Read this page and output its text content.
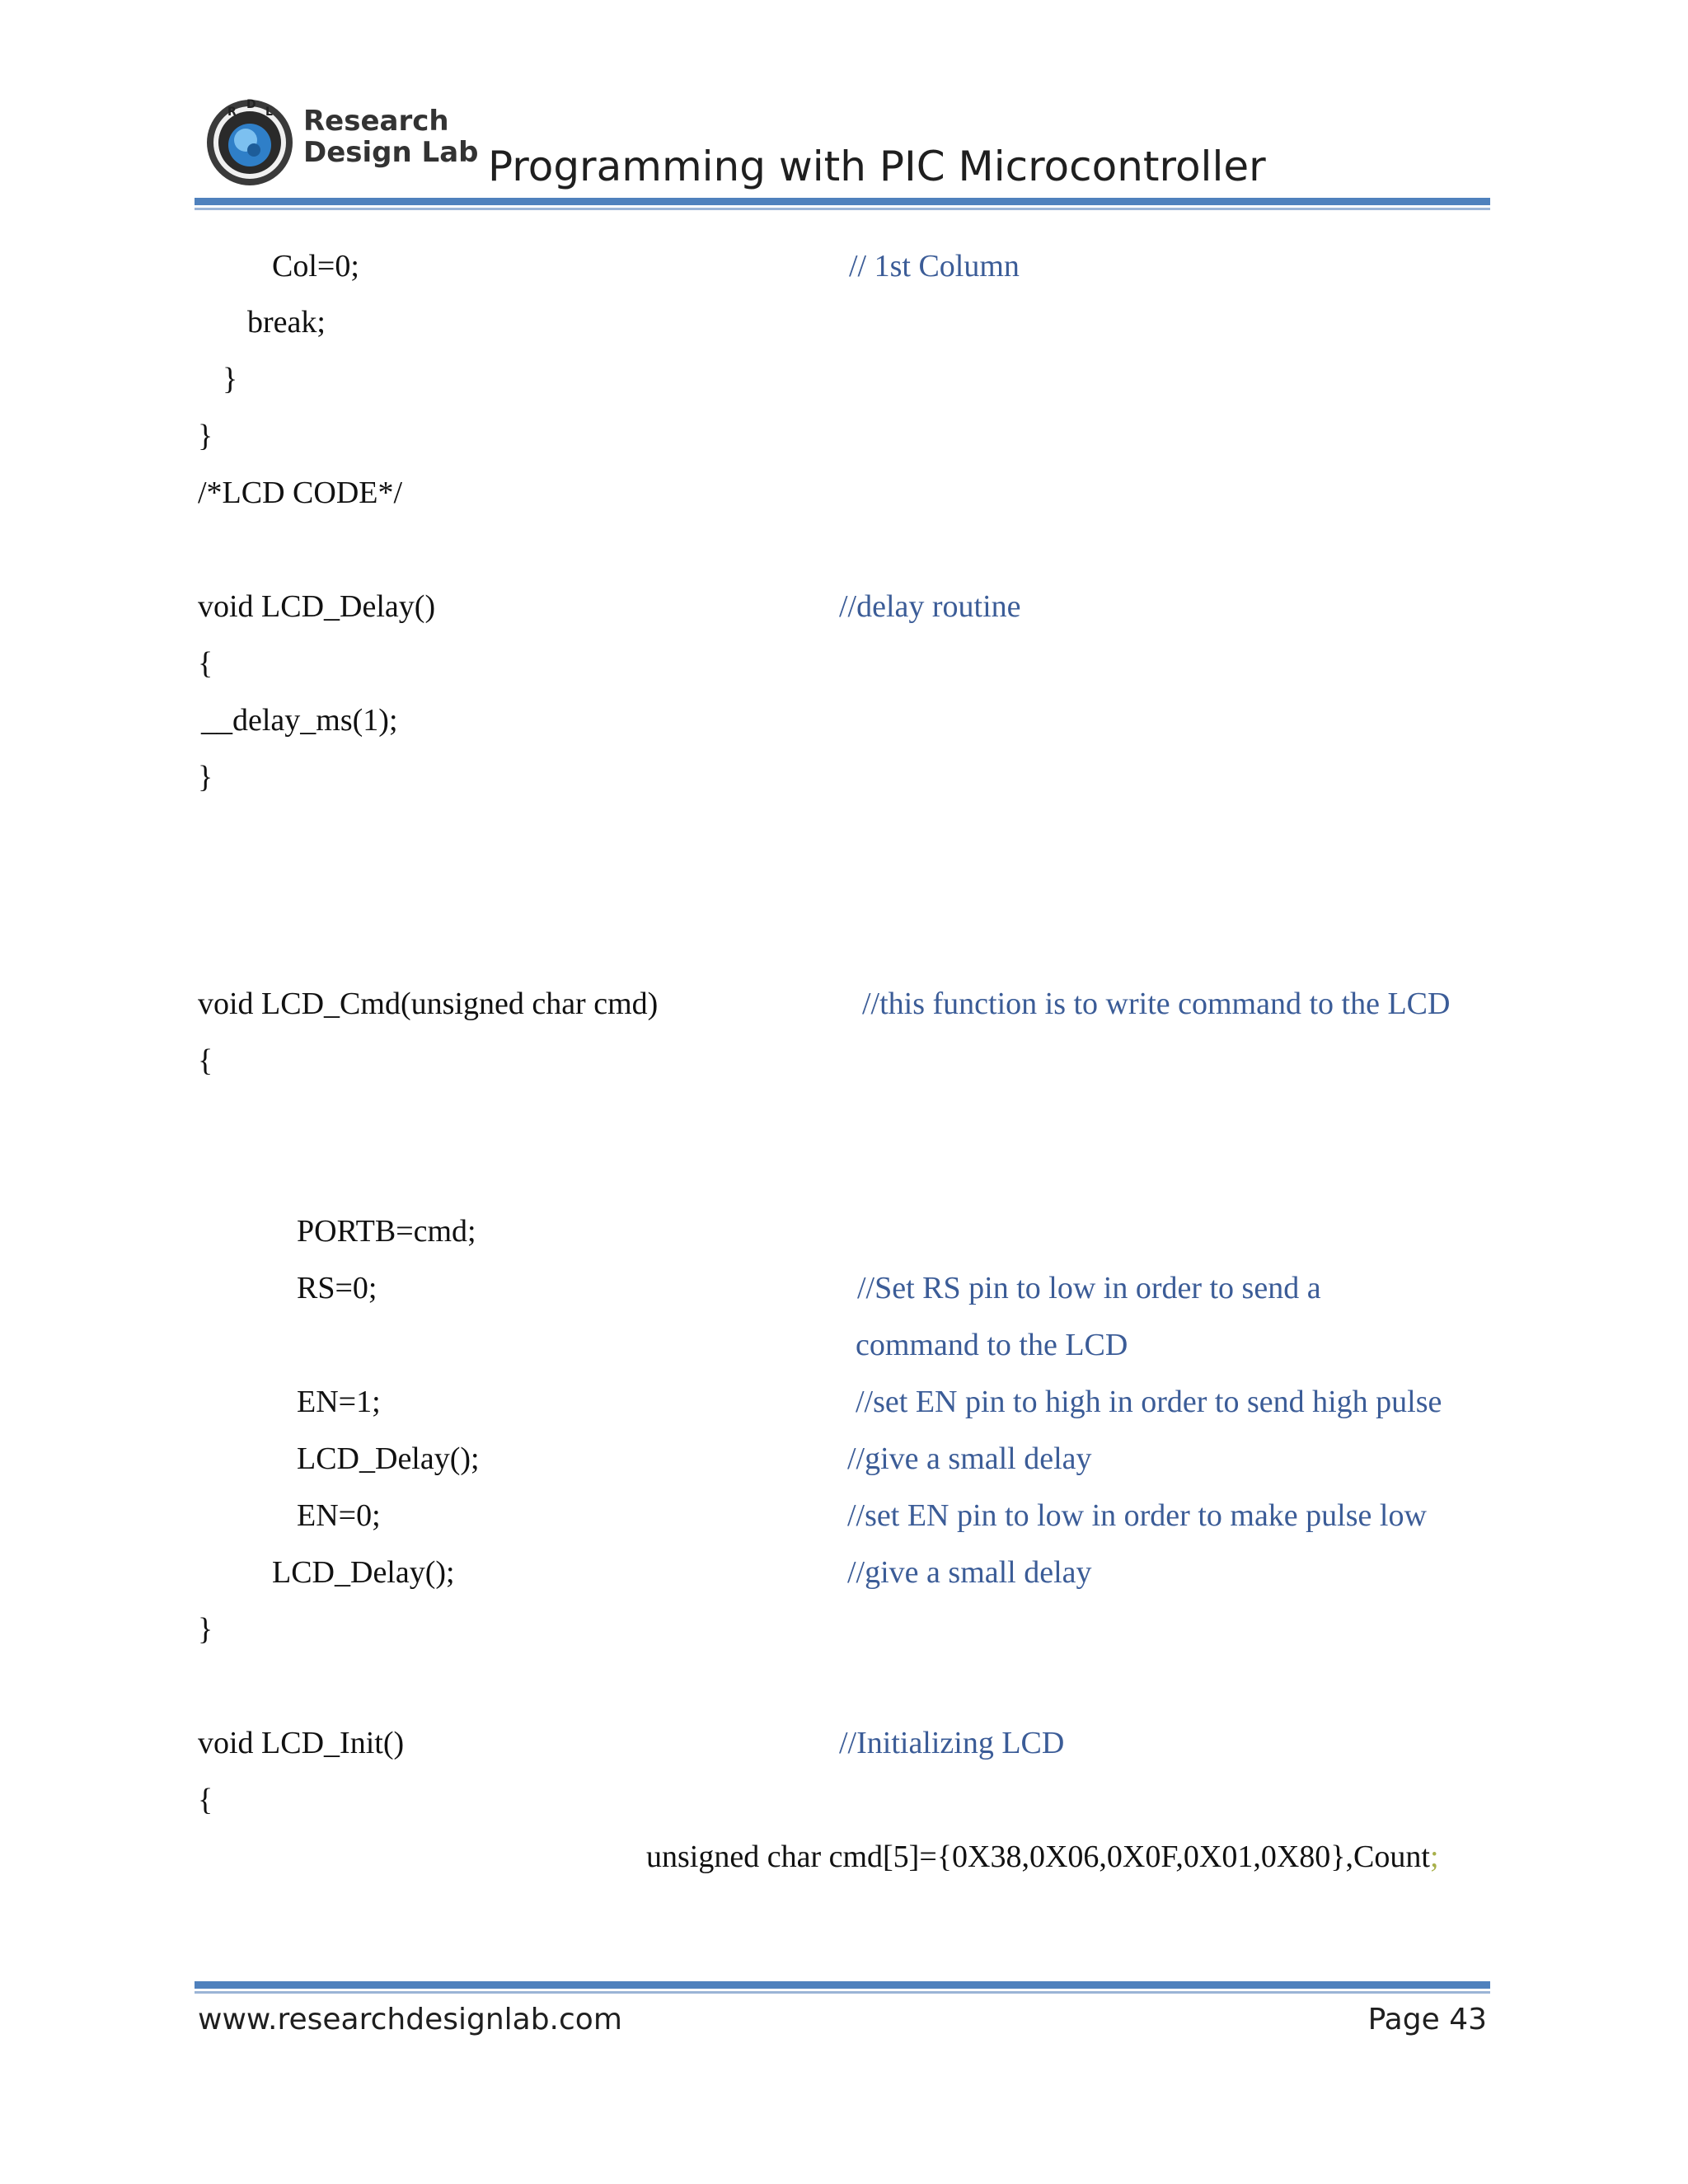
R
D
L Research
Design Lab Programming with PIC Microcontroller
Col=0;	// 1st Column
break;
}
}
/*LCD CODE*/
void LCD_Delay()	//delay routine
{
__delay_ms(1);
}
void LCD_Cmd(unsigned char cmd)	//this function is to write command to the LCD
{
PORTB=cmd;
RS=0;	//Set RS pin to low in order to send a
command to the LCD
EN=1;	//set EN pin to high in order to send high pulse
LCD_Delay();	//give a small delay
EN=0;	//set EN pin to low in order to make pulse low
LCD_Delay();	//give a small delay
}
void LCD_Init()	//Initializing LCD
{
unsigned char cmd[5]={0X38,0X06,0X0F,0X01,0X80},Count;
www.researchdesignlab.com	Page 43
